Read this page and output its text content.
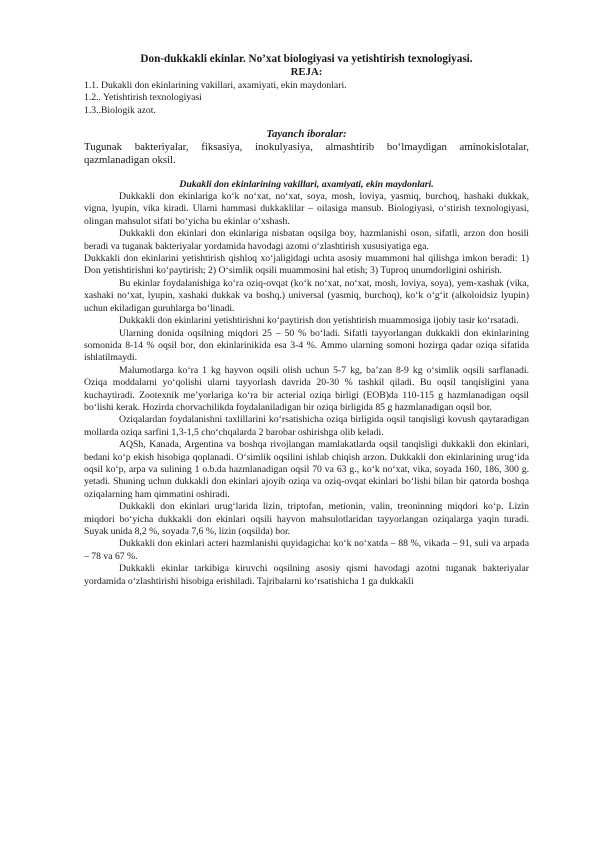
Don-dukkakli ekinlar. No’xat biologiyasi va yetishtirish texnologiyasi.

REJA:

1.1. Dukakli don ekinlarining vakillari, axamiyati, ekin maydonlari.

1.2.. Yetishtirish texnologiyasi

1.3..Biologik azot.

Tayanch iboralar:

Tugunak bakteriyalar, fiksasiya, inokulyasiya, almashtirib bo‘lmaydigan aminokislotalar, qazmlanadigan oksil.

Dukakli don ekinlarining vakillari, axamiyati, ekin maydonlari.

Dukkakli don ekinlariga ko‘k no‘xat, no‘xat, soya, mosh, loviya, yasmiq, burchoq, hashaki dukkak, vigna, lyupin, vika kiradi. Ularni hammasi dukkaklilar – oilasiga mansub. Biologiyasi, o‘stirish texnologiyasi, olingan mahsulot sifati bo‘yicha bu ekinlar o‘xshash.

Dukkakli don ekinlari don ekinlariga nisbatan oqsilga boy, hazmlanishi oson, sifatli, arzon don hosili beradi va tuganak bakteriyalar yordamida havodagi azotni o‘zlashtirish xususiyatiga ega.

Dukkakli don ekinlarini yetishtirish qishloq xo‘jaligidagi uchta asosiy muammoni hal qilishga imkon beradi: 1) Don yetishtirishni ko‘paytirish; 2) O‘simlik oqsili muammosini hal etish; 3) Tuproq unumdorligini oshirish.

Bu ekinlar foydalanishiga ko‘ra oziq-ovqat (ko‘k no‘xat, no‘xat, mosh, loviya, soya), yem-xashak (vika, xashaki no‘xat, lyupin, xashaki dukkak va boshq.) universal (yasmiq, burchoq), ko‘k o‘g‘it (alkoloidsiz lyupin) uchun ekiladigan guruhlarga bo‘linadi.

Dukkakli don ekinlarini yetishtirishni ko‘paytirish don yetishtirish muammosiga ijobiy tasir ko‘rsatadi.

Ularning donida oqsilning miqdori 25 – 50 % bo‘ladi. Sifatli tayyorlangan dukkakli don ekinlarining somonida 8-14 % oqsil bor, don ekinlarinikida esa 3-4 %. Ammo ularning somoni hozirga qadar oziqa sifatida ishlatilmaydi.

Malumotlarga ko‘ra 1 kg hayvon oqsili olish uchun 5-7 kg, ba’zan 8-9 kg o‘simlik oqsili sarflanadi. Oziqa moddalarni yo‘qolishi ularni tayyorlash davrida 20-30 % tashkil qiladi. Bu oqsil tanqisligini yana kuchaytiradi. Zootexnik me’yorlariga ko‘ra bir acterial oziqa birligi (EOB)da 110-115 g hazmlanadigan oqsil bo‘lishi kerak. Hozirda chorvachilikda foydalaniladigan bir oziqa birligida 85 g hazmlanadigan oqsil bor.

Oziqalardan foydalanishni taxlillarini ko‘rsatishicha oziqa birligida oqsil tanqisligi kovush qaytaradigan mollarda oziqa sarfini 1,3-1,5 cho‘chqalarda 2 barobar oshirishga olib keladi.

AQSh, Kanada, Argentina va boshqa rivojlangan mamlakatlarda oqsil tanqisligi dukkakli don ekinlari, bedani ko‘p ekish hisobiga qoplanadi. O‘simlik oqsilini ishlab chiqish arzon. Dukkakli don ekinlarining urug‘ida oqsil ko‘p, arpa va sulining 1 o.b.da hazmlanadigan oqsil 70 va 63 g., ko‘k no‘xat, vika, soyada 160, 186, 300 g. yetadi. Shuning uchun dukkakli don ekinlari ajoyib oziqa va oziq-ovqat ekinlari bo‘lishi bilan bir qatorda boshqa oziqalarning ham qimmatini oshiradi.

Dukkakli don ekinlari urug‘larida lizin, triptofan, metionin, valin, treoninning miqdori ko‘p. Lizin miqdori bo‘yicha dukkakli don ekinlari oqsili hayvon mahsulotlaridan tayyorlangan oziqalarga yaqin turadi. Suyak unida 8,2 %, soyada 7,6 %, lizin (oqsilda) bor.

Dukkakli don ekinlari acteri hazmlanishi quyidagicha: ko‘k no‘xatda – 88 %, vikada – 91, suli va arpada – 78 va 67 %.

Dukkakli ekinlar tarkibiga kiruvchi oqsilning asosiy qismi havodagi azotni tuganak bakteriyalar yordamida o‘zlashtirishi hisobiga erishiladi. Tajribalarni ko‘rsatishicha 1 ga dukkakli
